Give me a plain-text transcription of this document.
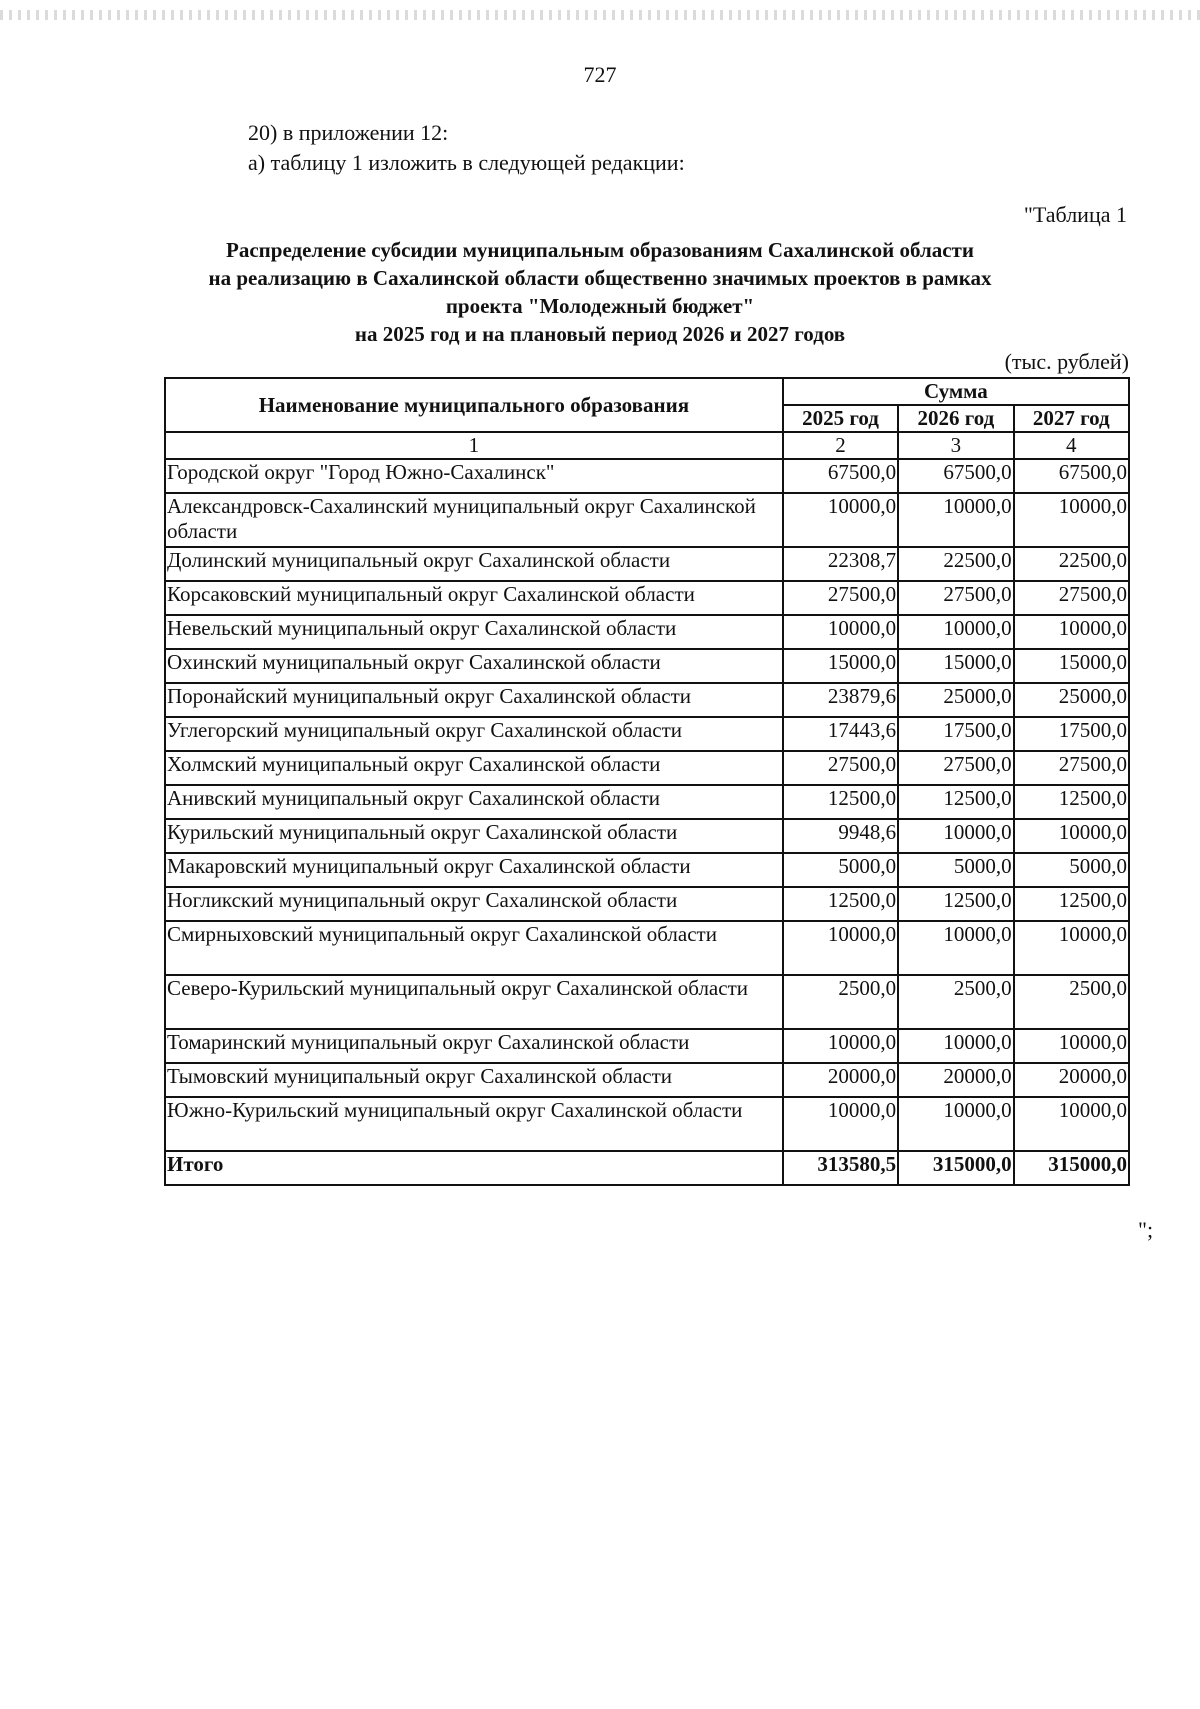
727
20) в приложении 12:
а) таблицу 1 изложить в следующей редакции:
"Таблица 1
Распределение субсидии муниципальным образованиям Сахалинской области
на реализацию в Сахалинской области общественно значимых проектов в рамках
проекта "Молодежный бюджет"
на 2025 год и на плановый период 2026 и 2027 годов
(тыс. рублей)
Наименование муниципального образования	Сумма		
	2025 год	2026 год	2027 год
1	2	3	4
Городской округ "Город Южно-Сахалинск"	67500,0	67500,0	67500,0
Александровск-Сахалинский муниципальный округ Сахалинской области	10000,0	10000,0	10000,0
Долинский муниципальный округ Сахалинской области	22308,7	22500,0	22500,0
Корсаковский муниципальный округ Сахалинской области	27500,0	27500,0	27500,0
Невельский муниципальный округ Сахалинской области	10000,0	10000,0	10000,0
Охинский муниципальный округ Сахалинской области	15000,0	15000,0	15000,0
Поронайский муниципальный округ Сахалинской области	23879,6	25000,0	25000,0
Углегорский муниципальный округ Сахалинской области	17443,6	17500,0	17500,0
Холмский муниципальный округ Сахалинской области	27500,0	27500,0	27500,0
Анивский муниципальный округ Сахалинской области	12500,0	12500,0	12500,0
Курильский муниципальный округ Сахалинской области	9948,6	10000,0	10000,0
Макаровский муниципальный округ Сахалинской области	5000,0	5000,0	5000,0
Ногликский муниципальный округ Сахалинской области	12500,0	12500,0	12500,0
Смирныховский муниципальный округ Сахалинской области	10000,0	10000,0	10000,0
Северо-Курильский муниципальный округ Сахалинской области	2500,0	2500,0	2500,0
Томаринский муниципальный округ Сахалинской области	10000,0	10000,0	10000,0
Тымовский муниципальный округ Сахалинской области	20000,0	20000,0	20000,0
Южно-Курильский муниципальный округ Сахалинской области	10000,0	10000,0	10000,0
Итого	313580,5	315000,0	315000,0
";
